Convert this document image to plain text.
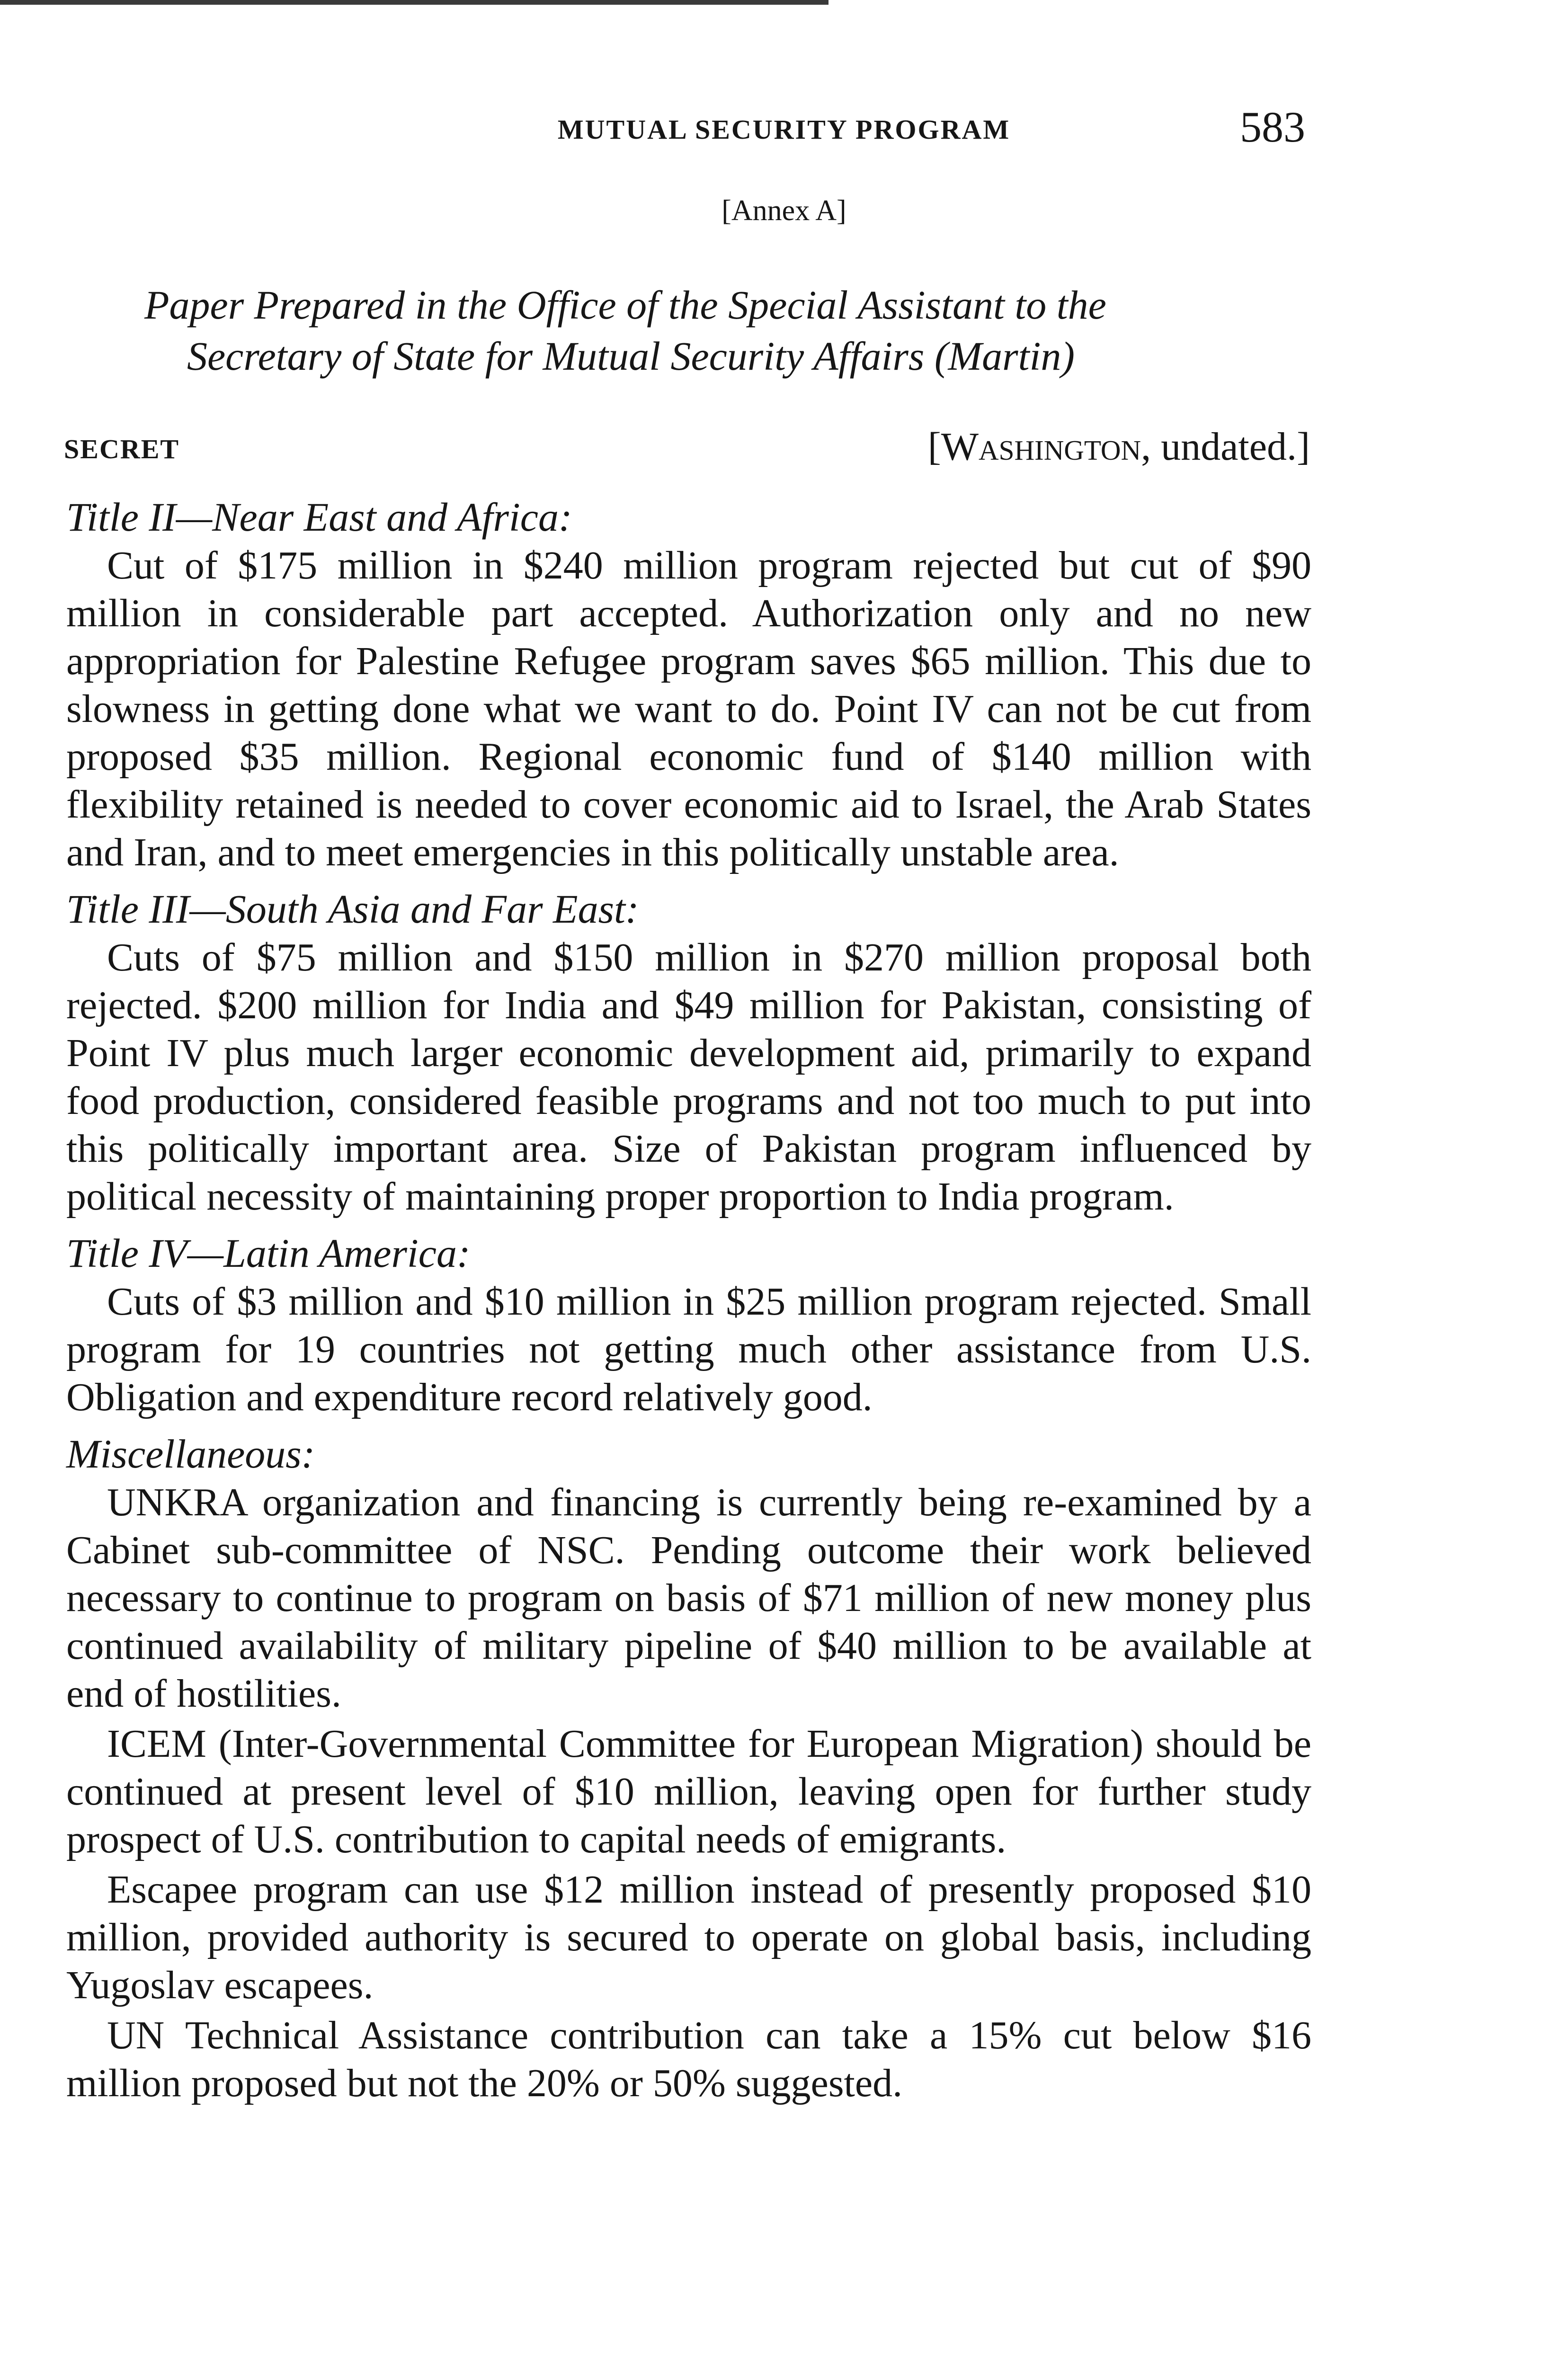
MUTUAL SECURITY PROGRAM	583
[Annex A]
Paper Prepared in the Office of the Special Assistant to the
Secretary of State for Mutual Security Affairs (Martin)
SECRET	[Washington, undated.]
Title II—Near East and Africa:

Cut of $175 million in $240 million program rejected but cut of $90 million in considerable part accepted. Authorization only and no new appropriation for Palestine Refugee program saves $65 million. This due to slowness in getting done what we want to do. Point IV can not be cut from proposed $35 million. Regional economic fund of $140 million with flexibility retained is needed to cover economic aid to Israel, the Arab States and Iran, and to meet emergencies in this politically unstable area.

Title III—South Asia and Far East:

Cuts of $75 million and $150 million in $270 million proposal both rejected. $200 million for India and $49 million for Pakistan, consisting of Point IV plus much larger economic development aid, primarily to expand food production, considered feasible programs and not too much to put into this politically important area. Size of Pakistan program influenced by political necessity of maintaining proper proportion to India program.

Title IV—Latin America:

Cuts of $3 million and $10 million in $25 million program rejected. Small program for 19 countries not getting much other assistance from U.S. Obligation and expenditure record relatively good.

Miscellaneous:

UNKRA organization and financing is currently being re-examined by a Cabinet sub-committee of NSC. Pending outcome their work believed necessary to continue to program on basis of $71 million of new money plus continued availability of military pipeline of $40 million to be available at end of hostilities.

ICEM (Inter-Governmental Committee for European Migration) should be continued at present level of $10 million, leaving open for further study prospect of U.S. contribution to capital needs of emigrants.

Escapee program can use $12 million instead of presently proposed $10 million, provided authority is secured to operate on global basis, including Yugoslav escapees.

UN Technical Assistance contribution can take a 15% cut below $16 million proposed but not the 20% or 50% suggested.
